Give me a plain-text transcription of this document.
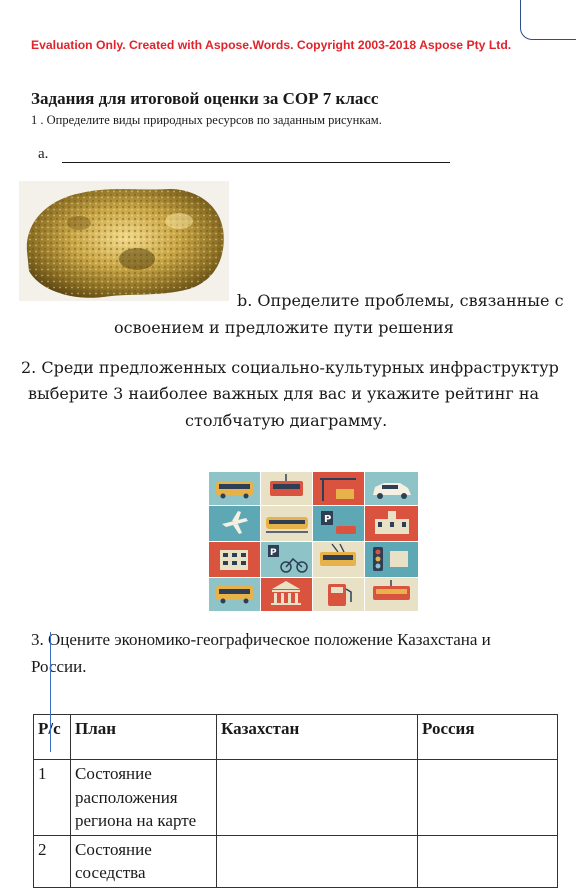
Evaluation Only. Created with Aspose.Words. Copyright 2003-2018 Aspose Pty Ltd.
Задания для итоговой оценки за СОР 7 класс
1 . Определите виды природных ресурсов по заданным рисункам.
a.
b. Определите проблемы, связанные с
освоением и предложите пути решения
2. Среди предложенных социально-культурных инфраструктур
выберите 3 наиболее важных для вас и укажите рейтинг на
столбчатую диаграмму.
P
P
3. Оцените экономико-географическое положение Казахстана и
России.
Р/с	План	Казахстан	Россия
1	Состояние расположения региона на карте		
2	Состояние соседства		
